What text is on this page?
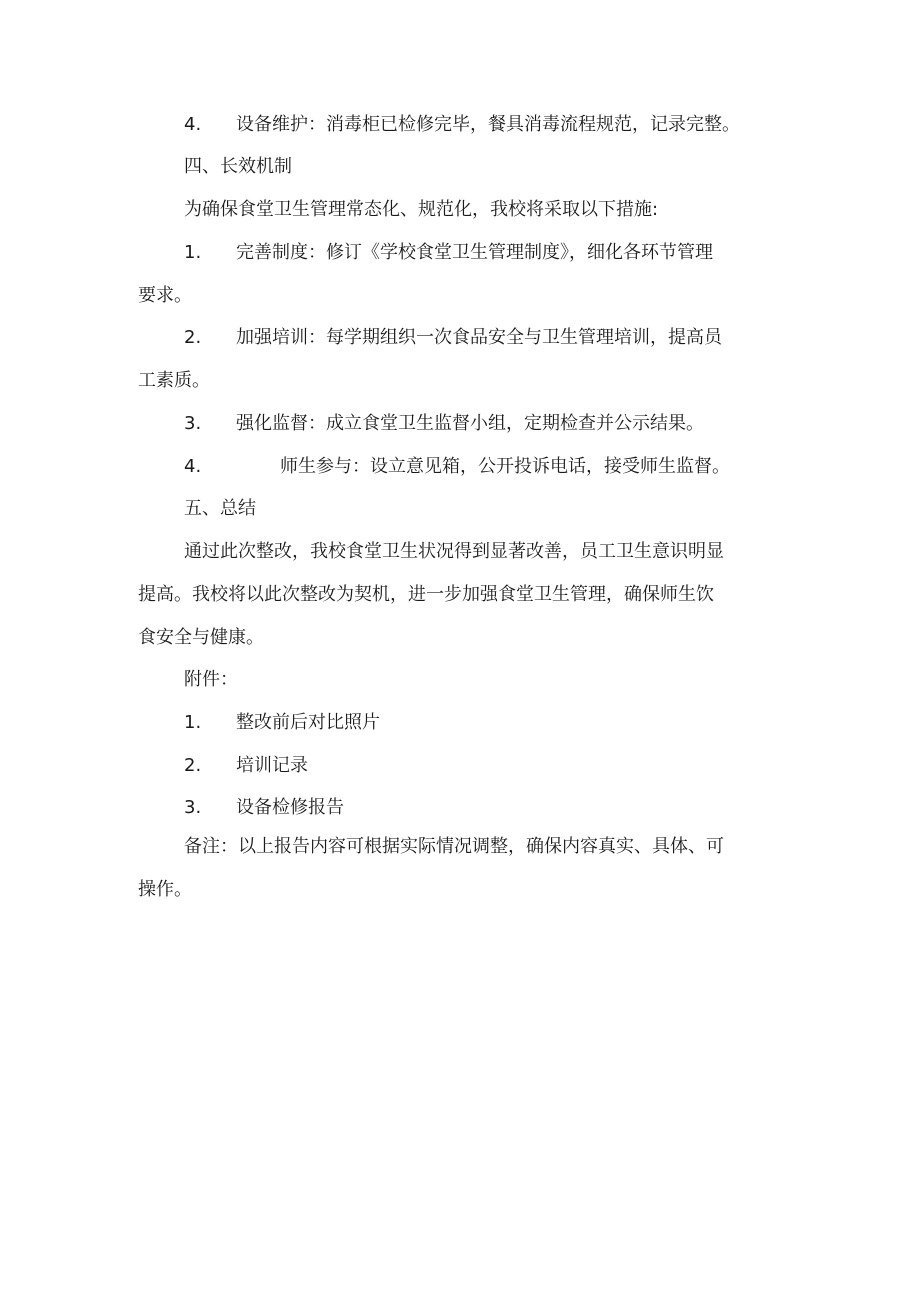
4. 设备维护：消毒柜已检修完毕，餐具消毒流程规范，记录完整。
四、长效机制
为确保食堂卫生管理常态化、规范化，我校将采取以下措施:
1. 完善制度：修订《学校食堂卫生管理制度》，细化各环节管理
要求。
2. 加强培训：每学期组织一次食品安全与卫生管理培训，提高员
工素质。
3. 强化监督：成立食堂卫生监督小组，定期检查并公示结果。
4.	师生参与：设立意见箱，公开投诉电话，接受师生监督。
五、总结
通过此次整改，我校食堂卫生状况得到显著改善，员工卫生意识明显
提高。我校将以此次整改为契机，进一步加强食堂卫生管理，确保师生饮
食安全与健康。
附件：
1. 整改前后对比照片
2. 培训记录
3. 设备检修报告
备注：以上报告内容可根据实际情况调整，确保内容真实、具体、可
操作。
